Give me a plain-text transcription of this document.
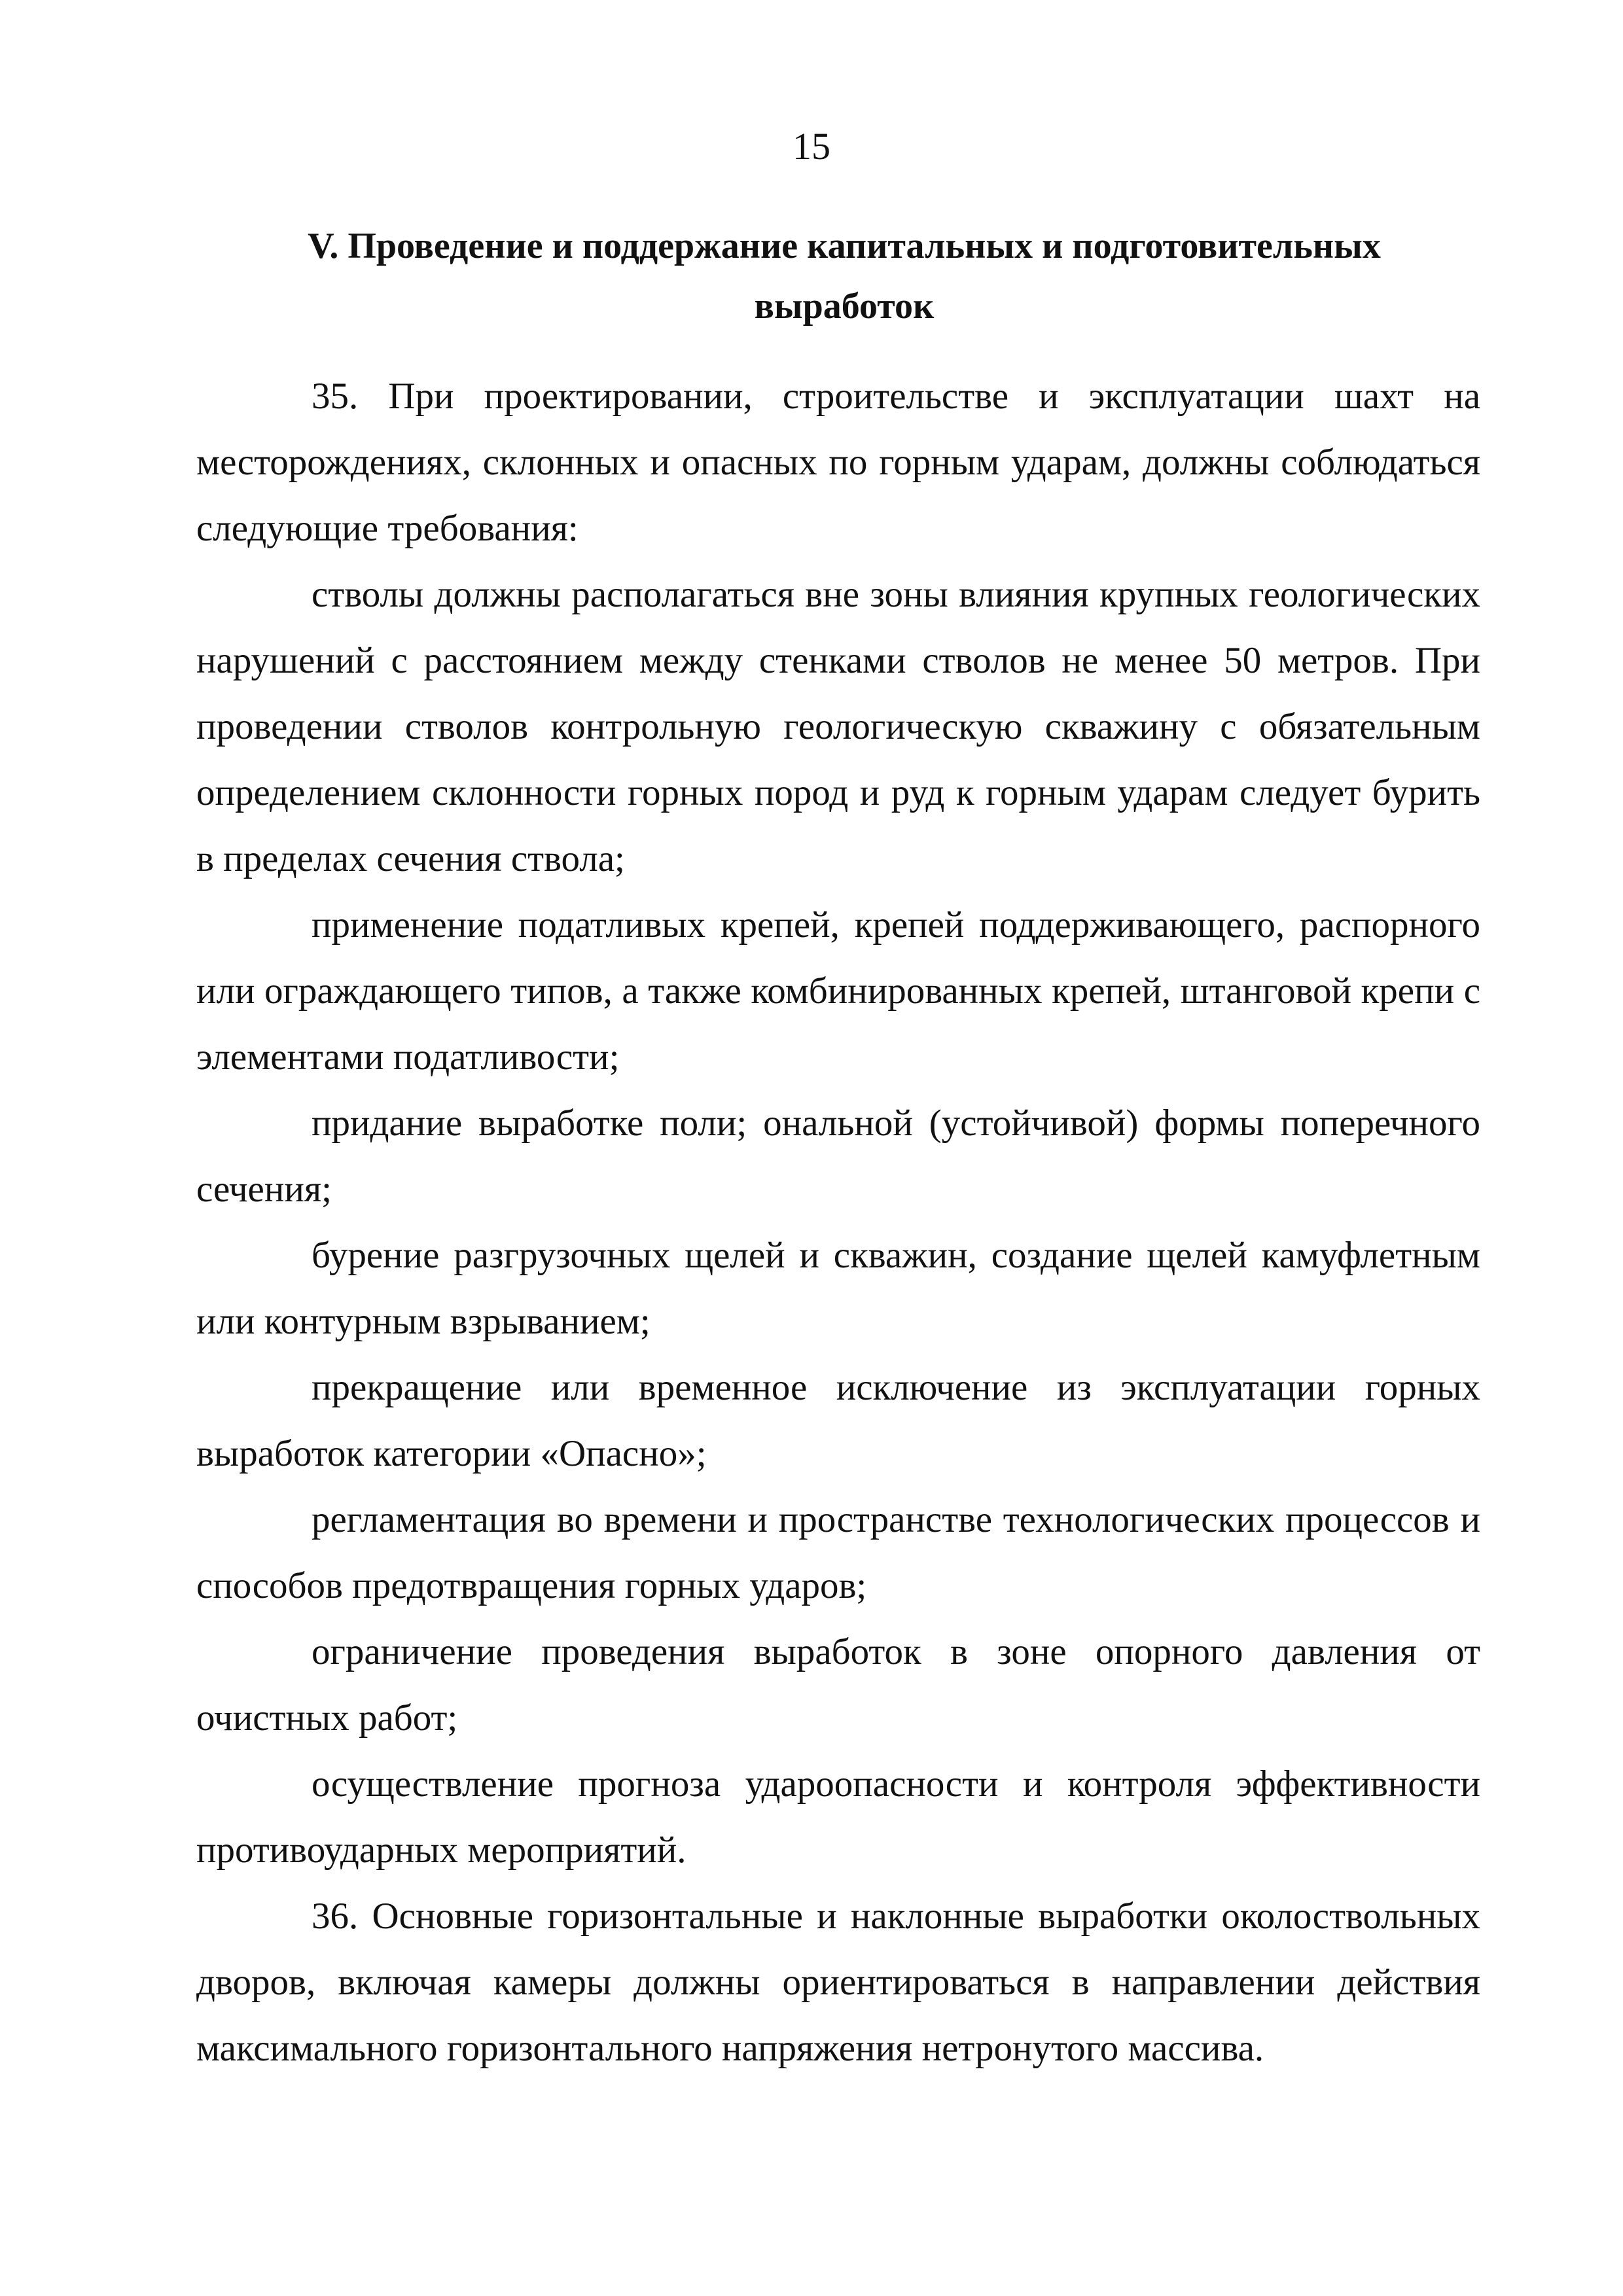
15
V. Проведение и поддержание капитальных и подготовительных
выработок

35. При проектировании, строительстве и эксплуатации шахт на месторождениях, склонных и опасных по горным ударам, должны соблюдаться следующие требования:

стволы должны располагаться вне зоны влияния крупных геологических нарушений с расстоянием между стенками стволов не менее 50 метров. При проведении стволов контрольную геологическую скважину с обязательным определением склонности горных пород и руд к горным ударам следует бурить в пределах сечения ствола;

применение податливых крепей, крепей поддерживающего, распорного или ограждающего типов, а также комбинированных крепей, штанговой крепи с элементами податливости;

придание выработке поли; ональной (устойчивой) формы поперечного сечения;

бурение разгрузочных щелей и скважин, создание щелей камуфлетным или контурным взрыванием;

прекращение или временное исключение из эксплуатации горных выработок категории «Опасно»;

регламентация во времени и пространстве технологических процессов и способов предотвращения горных ударов;

ограничение проведения выработок в зоне опорного давления от очистных работ;

осуществление прогноза удароопасности и контроля эффективности противоударных мероприятий.

36. Основные горизонтальные и наклонные выработки околоствольных дворов, включая камеры должны ориентироваться в направлении действия максимального горизонтального напряжения нетронутого массива.
